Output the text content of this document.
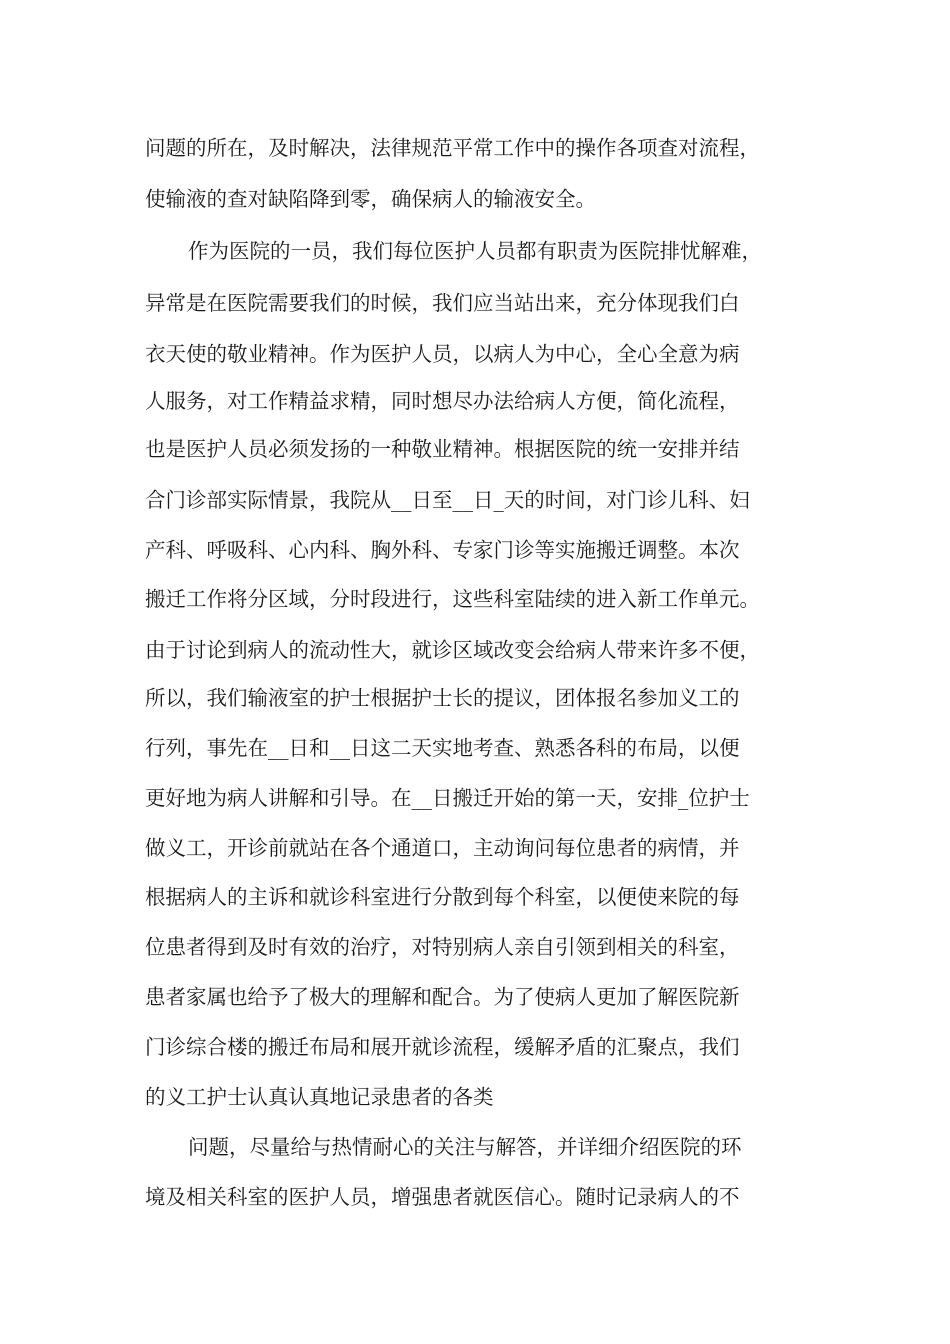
问题的所在，及时解决，法律规范平常工作中的操作各项查对流程，
使输液的查对缺陷降到零，确保病人的输液安全。
作为医院的一员，我们每位医护人员都有职责为医院排忧解难，
异常是在医院需要我们的时候，我们应当站出来，充分体现我们白
衣天使的敬业精神。作为医护人员，以病人为中心，全心全意为病
人服务，对工作精益求精，同时想尽办法给病人方便，简化流程，
也是医护人员必须发扬的一种敬业精神。根据医院的统一安排并结
合门诊部实际情景，我院从__日至__日_天的时间，对门诊儿科、妇
产科、呼吸科、心内科、胸外科、专家门诊等实施搬迁调整。本次
搬迁工作将分区域，分时段进行，这些科室陆续的进入新工作单元。
由于讨论到病人的流动性大，就诊区域改变会给病人带来许多不便，
所以，我们输液室的护士根据护士长的提议，团体报名参加义工的
行列，事先在__日和__日这二天实地考查、熟悉各科的布局，以便
更好地为病人讲解和引导。在__日搬迁开始的第一天，安排_位护士
做义工，开诊前就站在各个通道口，主动询问每位患者的病情，并
根据病人的主诉和就诊科室进行分散到每个科室，以便使来院的每
位患者得到及时有效的治疗，对特别病人亲自引领到相关的科室，
患者家属也给予了极大的理解和配合。为了使病人更加了解医院新
门诊综合楼的搬迁布局和展开就诊流程，缓解矛盾的汇聚点，我们
的义工护士认真认真地记录患者的各类
问题，尽量给与热情耐心的关注与解答，并详细介绍医院的环
境及相关科室的医护人员，增强患者就医信心。随时记录病人的不
